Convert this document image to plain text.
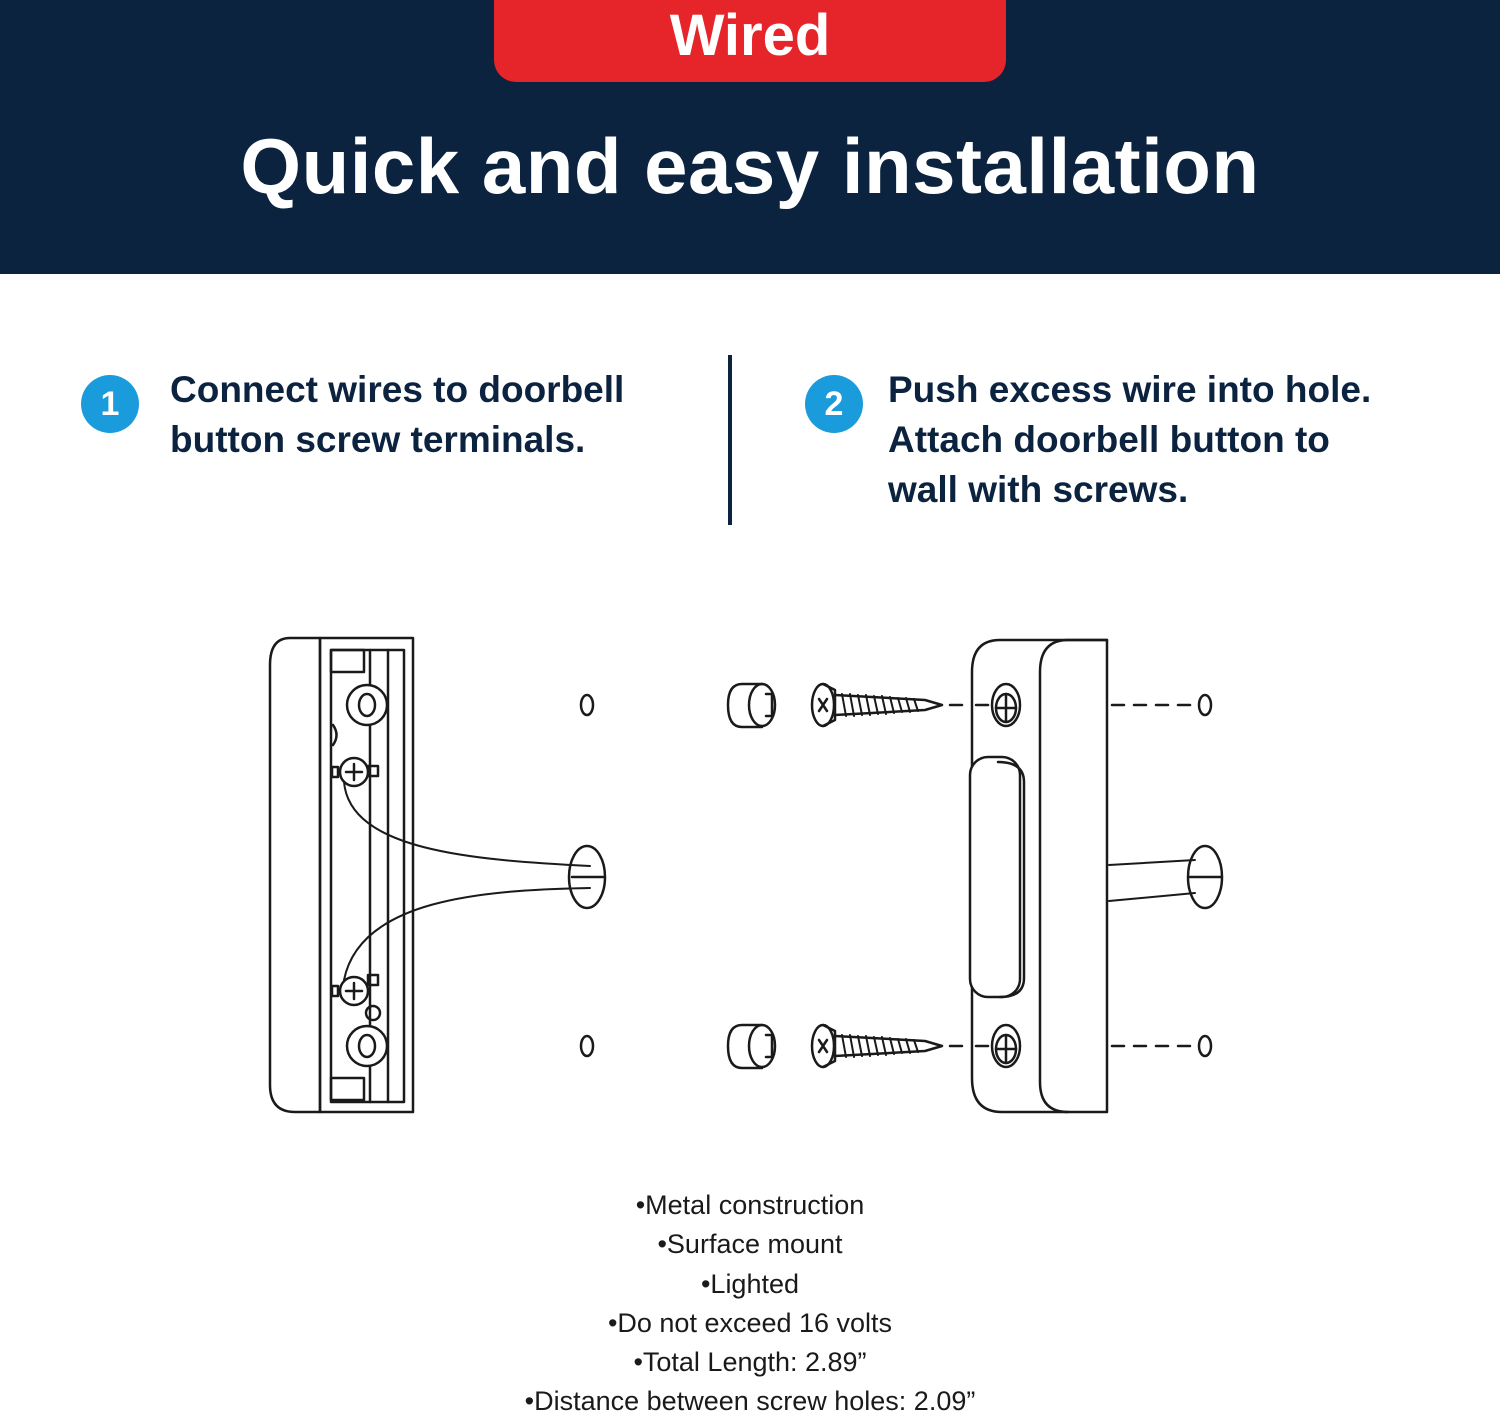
Wired
Quick and easy installation
1	Connect wires to doorbell button screw terminals.

2	Push excess wire into hole. Attach doorbell button to wall with screws.

• Metal construction
• Surface mount
• Lighted
• Do not exceed 16 volts
• Total Length: 2.89”
• Distance between screw holes: 2.09”
